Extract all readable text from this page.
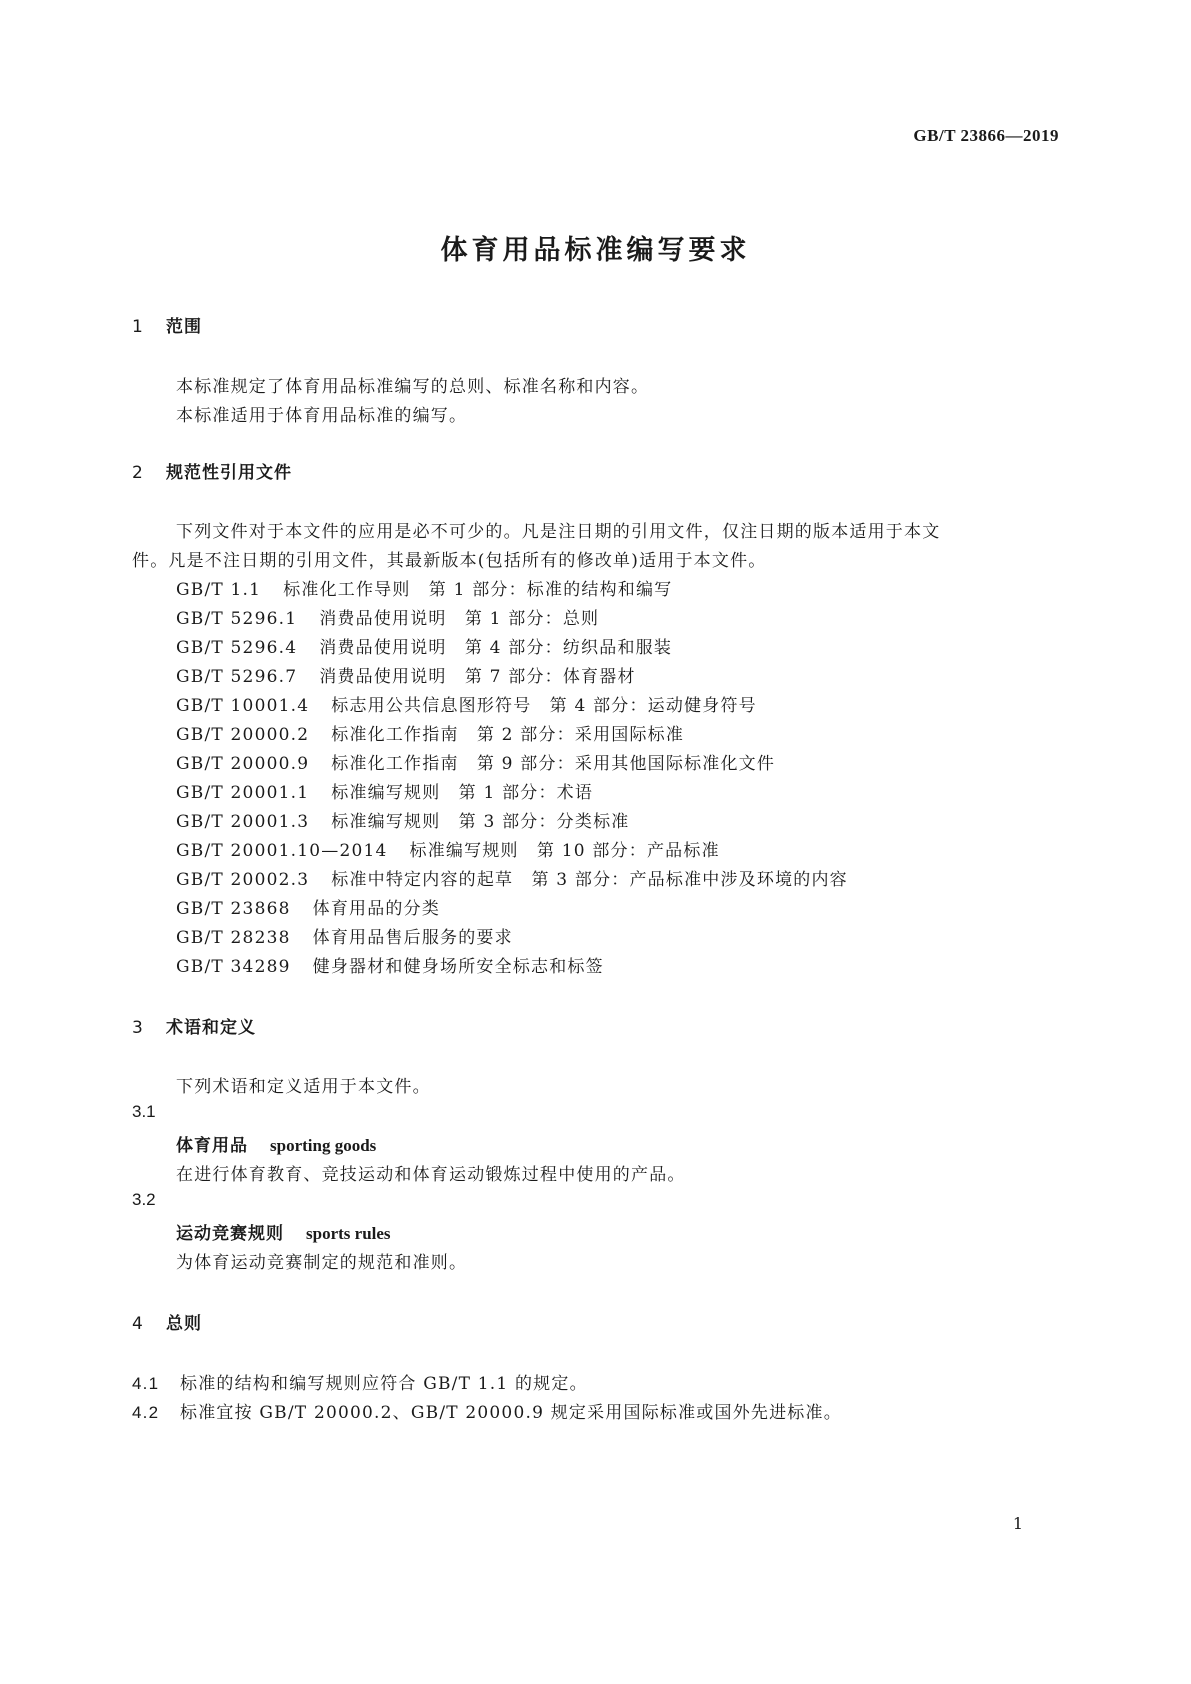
GB/T 23866—2019
体育用品标准编写要求
1 范围
本标准规定了体育用品标准编写的总则、标准名称和内容。
本标准适用于体育用品标准的编写。
2 规范性引用文件
下列文件对于本文件的应用是必不可少的。凡是注日期的引用文件，仅注日期的版本适用于本文
件。凡是不注日期的引用文件，其最新版本(包括所有的修改单)适用于本文件。
GB/T 1.1 标准化工作导则　第 1 部分：标准的结构和编写
GB/T 5296.1 消费品使用说明　第 1 部分：总则
GB/T 5296.4 消费品使用说明　第 4 部分：纺织品和服装
GB/T 5296.7 消费品使用说明　第 7 部分：体育器材
GB/T 10001.4 标志用公共信息图形符号　第 4 部分：运动健身符号
GB/T 20000.2 标准化工作指南　第 2 部分：采用国际标准
GB/T 20000.9 标准化工作指南　第 9 部分：采用其他国际标准化文件
GB/T 20001.1 标准编写规则　第 1 部分：术语
GB/T 20001.3 标准编写规则　第 3 部分：分类标准
GB/T 20001.10—2014 标准编写规则　第 10 部分：产品标准
GB/T 20002.3 标准中特定内容的起草　第 3 部分：产品标准中涉及环境的内容
GB/T 23868 体育用品的分类
GB/T 28238 体育用品售后服务的要求
GB/T 34289 健身器材和健身场所安全标志和标签
3 术语和定义
下列术语和定义适用于本文件。
3.1
体育用品 sporting goods
在进行体育教育、竞技运动和体育运动锻炼过程中使用的产品。
3.2
运动竞赛规则 sports rules
为体育运动竞赛制定的规范和准则。
4 总则
4.1 标准的结构和编写规则应符合 GB/T 1.1 的规定。
4.2 标准宜按 GB/T 20000.2、GB/T 20000.9 规定采用国际标准或国外先进标准。
1
